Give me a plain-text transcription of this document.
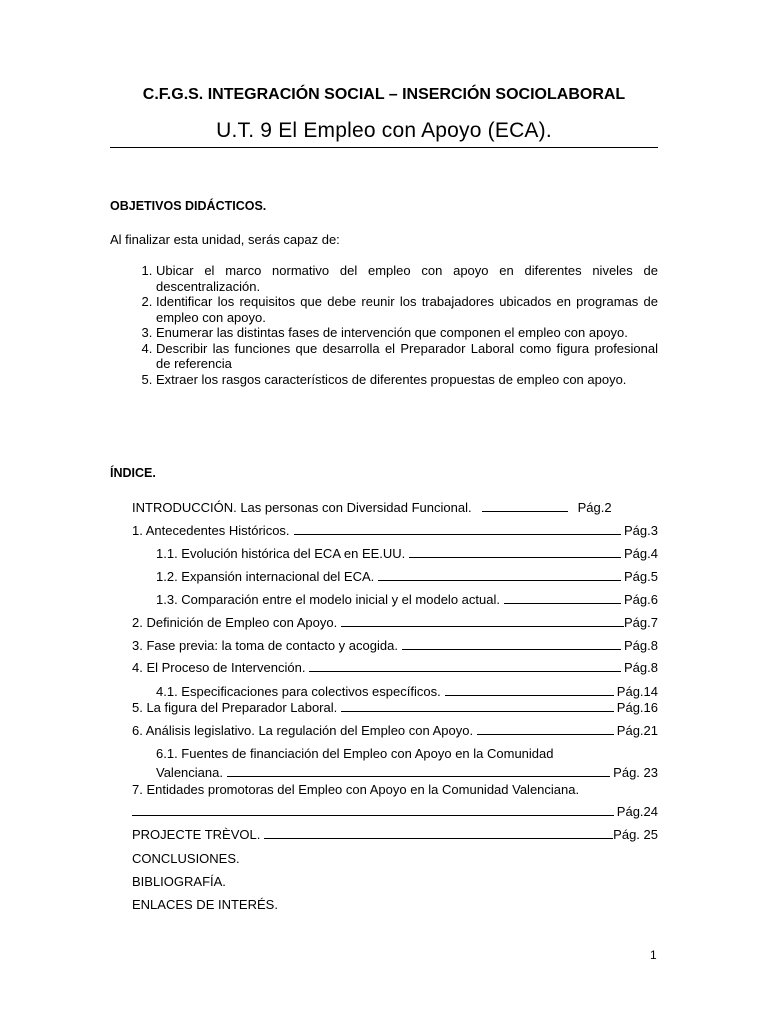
C.F.G.S. INTEGRACIÓN SOCIAL – INSERCIÓN SOCIOLABORAL
U.T. 9 El Empleo con Apoyo (ECA).
OBJETIVOS DIDÁCTICOS.
Al finalizar esta unidad, serás capaz de:
1. Ubicar el marco normativo del empleo con apoyo en diferentes niveles de descentralización.
2. Identificar los requisitos que debe reunir los trabajadores ubicados en programas de empleo con apoyo.
3. Enumerar las distintas fases de intervención que componen el empleo con apoyo.
4. Describir las funciones que desarrolla el Preparador Laboral como figura profesional de referencia
5. Extraer los rasgos característicos de diferentes propuestas de empleo con apoyo.
ÍNDICE.
INTRODUCCIÓN. Las personas con Diversidad Funcional.	Pág.2
1. Antecedentes Históricos.	Pág.3
1.1. Evolución histórica del ECA en EE.UU.	Pág.4
1.2. Expansión internacional del ECA.	Pág.5
1.3. Comparación entre el modelo inicial y el modelo actual.	Pág.6
2. Definición de Empleo con Apoyo.	Pág.7
3. Fase previa: la toma de contacto y acogida.	Pág.8
4. El Proceso de Intervención.	Pág.8
4.1. Especificaciones para colectivos específicos.	Pág.14
5. La figura del Preparador Laboral.	Pág.16
6. Análisis legislativo. La regulación del Empleo con Apoyo.	Pág.21
6.1. Fuentes de financiación del Empleo con Apoyo en la Comunidad
Valenciana.	Pág. 23
7. Entidades promotoras del Empleo con Apoyo en la Comunidad Valenciana.
Pág.24
PROJECTE TRÈVOL.	Pág. 25
CONCLUSIONES.
BIBLIOGRAFÍA.
ENLACES DE INTERÉS.
1
